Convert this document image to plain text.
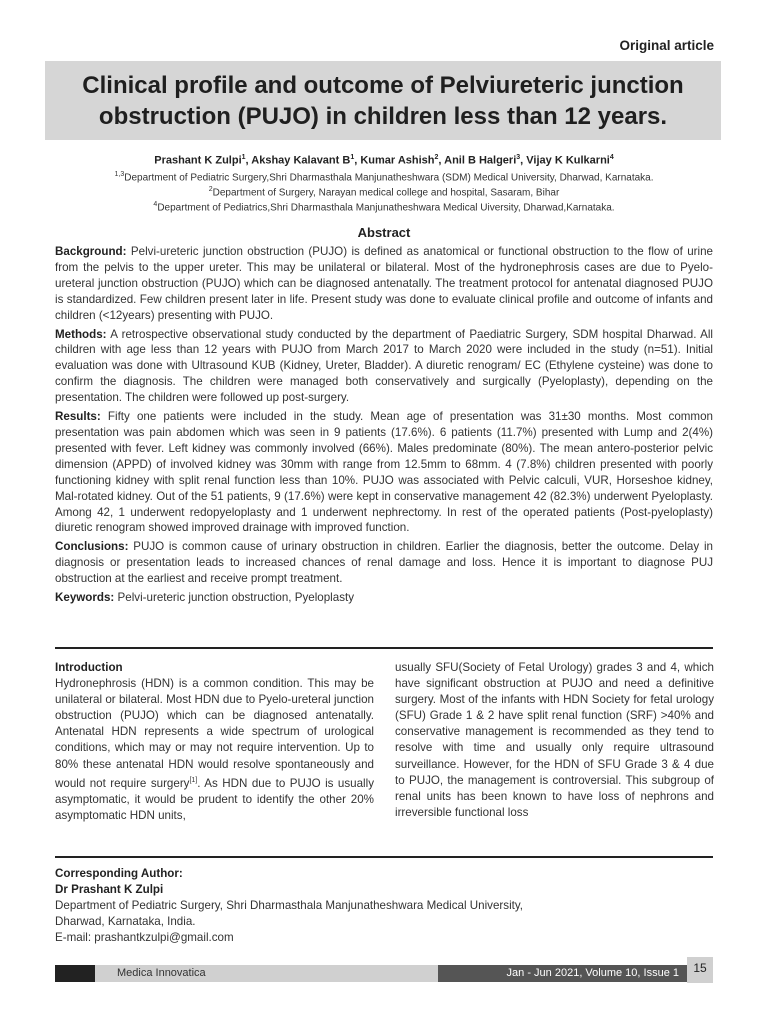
Original article
Clinical profile and outcome of Pelviureteric junction obstruction (PUJO) in children less than 12 years.
Prashant K Zulpi$^1$, Akshay Kalavant $B^1$, Kumar Ashish$^2$, Anil B Halgeri$^3$, Vijay K Kulkarni$^4$
$^{1,3}$Department of Pediatric Surgery,Shri Dharmasthala Manjunatheshwara (SDM) Medical University, Dharwad, Karnataka.
$^2$Department of Surgery, Narayan medical college and hospital, Sasaram, Bihar
$^4$Department of Pediatrics,Shri Dharmasthala Manjunatheshwara Medical Uiversity, Dharwad,Karnataka.
Abstract

Background: Pelvi-ureteric junction obstruction (PUJO) is defined as anatomical or functional obstruction to the flow of urine from the pelvis to the upper ureter. This may be unilateral or bilateral. Most of the hydronephrosis cases are due to Pyelo-ureteral junction obstruction (PUJO) which can be diagnosed antenatally. The treatment protocol for antenatal diagnosed PUJO is standardized. Few children present later in life. Present study was done to evaluate clinical profile and outcome of infants and children (<12years) presenting with PUJO.

Methods: A retrospective observational study conducted by the department of Paediatric Surgery, SDM hospital Dharwad. All children with age less than 12 years with PUJO from March 2017 to March 2020 were included in the study (n=51). Initial evaluation was done with Ultrasound KUB (Kidney, Ureter, Bladder). A diuretic renogram/ EC (Ethylene cysteine) was done to confirm the diagnosis. The children were managed both conservatively and surgically (Pyeloplasty), depending on the presentation. The children were followed up post-surgery.

Results: Fifty one patients were included in the study. Mean age of presentation was 31±30 months. Most common presentation was pain abdomen which was seen in 9 patients (17.6%). 6 patients (11.7%) presented with Lump and 2(4%) presented with fever. Left kidney was commonly involved (66%). Males predominate (80%). The mean antero-posterior pelvic dimension (APPD) of involved kidney was 30mm with range from 12.5mm to 68mm. 4 (7.8%) children presented with poorly functioning kidney with split renal function less than 10%. PUJO was associated with Pelvic calculi, VUR, Horseshoe kidney, Mal-rotated kidney. Out of the 51 patients, 9 (17.6%) were kept in conservative management 42 (82.3%) underwent Pyeloplasty. Among 42, 1 underwent redopyeloplasty and 1 underwent nephrectomy. In rest of the operated patients (Post-pyeloplasty) diuretic renogram showed improved drainage with improved function.

Conclusions: PUJO is common cause of urinary obstruction in children. Earlier the diagnosis, better the outcome. Delay in diagnosis or presentation leads to increased chances of renal damage and loss. Hence it is important to diagnose PUJ obstruction at the earliest and receive prompt treatment.

Keywords: Pelvi-ureteric junction obstruction, Pyeloplasty

Introduction

Hydronephrosis (HDN) is a common condition. This may be unilateral or bilateral. Most HDN due to Pyelo-ureteral junction obstruction (PUJO) which can be diagnosed antenatally. Antenatal HDN represents a wide spectrum of urological conditions, which may or may not require intervention. Up to 80% these antenatal HDN would resolve spontaneously and would not require surgery[1]. As HDN due to PUJO is usually asymptomatic, it would be prudent to identify the other 20% asymptomatic HDN units,

usually SFU(Society of Fetal Urology) grades 3 and 4, which have significant obstruction at PUJO and need a definitive surgery. Most of the infants with HDN Society for fetal urology (SFU) Grade 1 & 2 have split renal function (SRF) >40% and conservative management is recommended as they tend to resolve with time and usually only require ultrasound surveillance. However, for the HDN of SFU Grade 3 & 4 due to PUJO, the management is controversial. This subgroup of renal units has been known to have loss of nephrons and irreversible functional loss

Corresponding Author:
Dr Prashant K Zulpi
Department of Pediatric Surgery, Shri Dharmasthala Manjunatheshwara Medical University,
Dharwad, Karnataka, India.
E-mail: prashantkzulpi@gmail.com
Medica Innovatica	Jan - Jun 2021, Volume 10, Issue 1	15
